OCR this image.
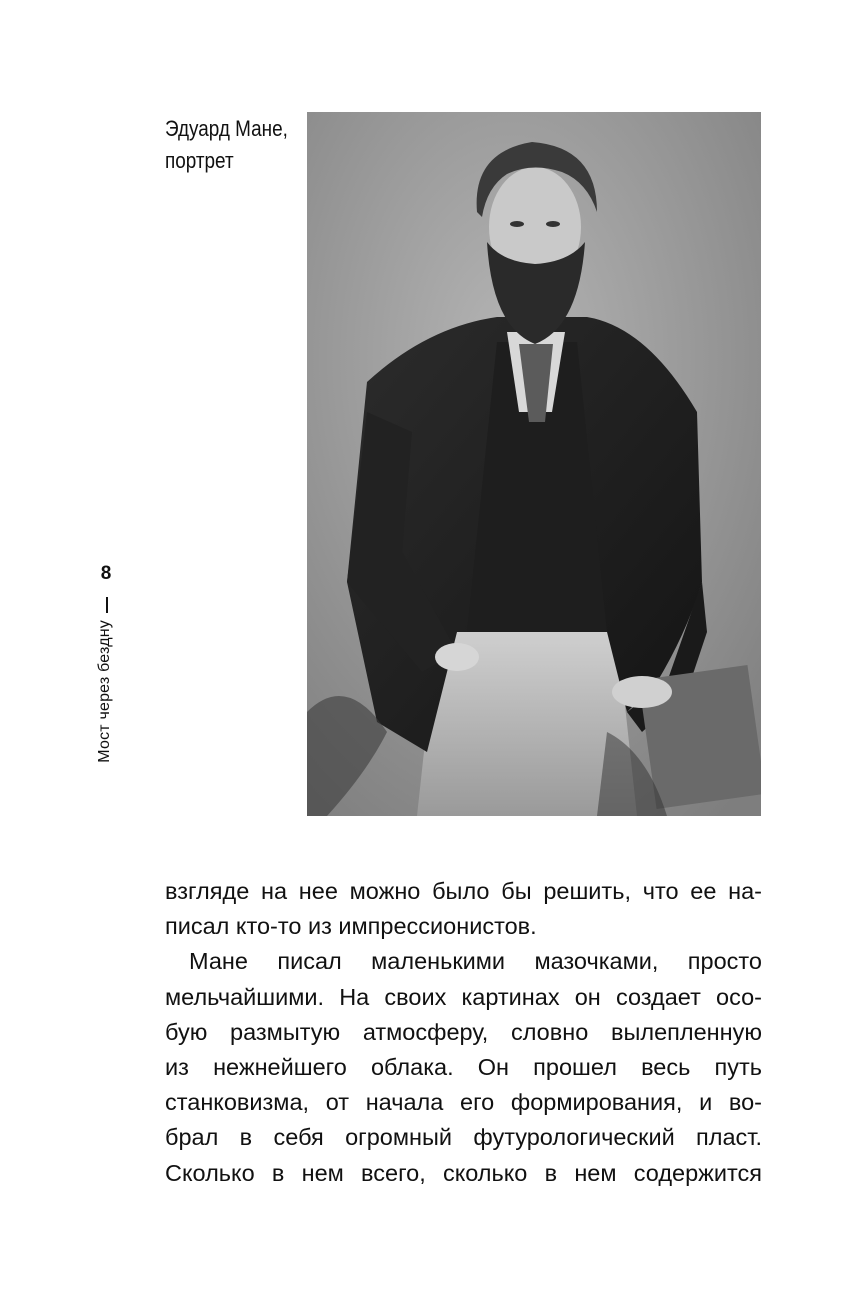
Эдуард Мане,
портрет
8
Мост через бездну
взгляде на нее можно было бы решить, что ее на-
писал кто-то из импрессионистов.
Мане писал маленькими мазочками, просто
мельчайшими. На своих картинах он создает осо-
бую размытую атмосферу, словно вылепленную
из нежнейшего облака. Он прошел весь путь
станковизма, от начала его формирования, и во-
брал в себя огромный футурологический пласт.
Сколько в нем всего, сколько в нем содержится
